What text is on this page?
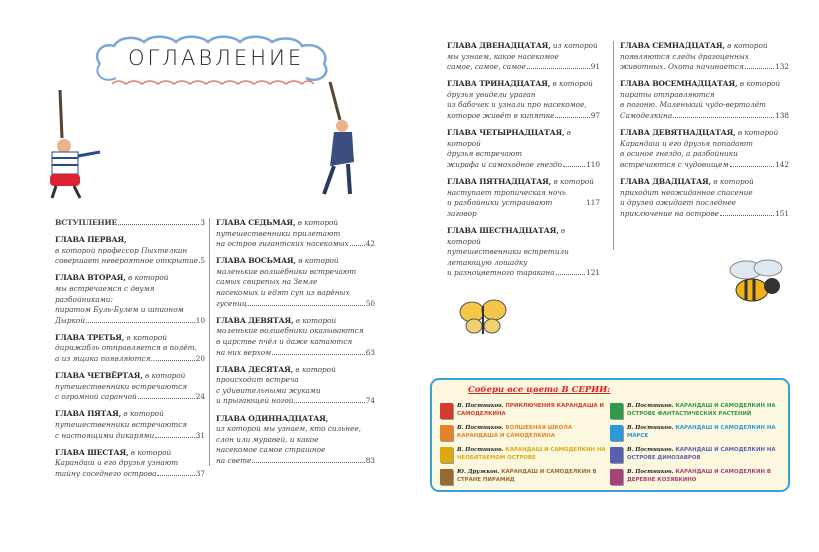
ОГЛАВЛЕНИЕ
ВСТУПЛЕНИЕ	3
ГЛАВА ПЕРВАЯ,
в которой профессор Пыхтелкин
совершает невероятное открытие 5
ГЛАВА ВТОРАЯ, в которой
мы встречаемся с двумя разбойниками:
пиратом Буль-Булем и шпионом
Дыркой	10
ГЛАВА ТРЕТЬЯ, в которой
дирижабль отправляется в полёт,
а из ящика появляются...	20
ГЛАВА ЧЕТВЁРТАЯ, в которой
путешественники встречаются
с огромной саранчой	24
ГЛАВА ПЯТАЯ, в которой
путешественники встречаются
с настоящими дикарями	31
ГЛАВА ШЕСТАЯ, в которой
Карандаш и его друзья узнают
тайну соседнего острова	37
ГЛАВА СЕДЬМАЯ, в которой
путешественники прилетают
на остров гигантских насекомых 42
ГЛАВА ВОСЬМАЯ, в которой
маленькие волшебники встречают
самых свирепых на Земле
насекомых и едят суп из варёных
гусениц	50
ГЛАВА ДЕВЯТАЯ, в которой
маленькие волшебники оказываются
в царстве пчёл и даже катаются
на них верхом	63
ГЛАВА ДЕСЯТАЯ, в которой
происходит встреча
с удивительными жуками
и прыгающей ногой	74
ГЛАВА ОДИННАДЦАТАЯ,
из которой мы узнаем, кто сильнее,
слон или муравей, и какое
насекомое самое страшное
на свете	83
ГЛАВА ДВЕНАДЦАТАЯ, из которой
мы узнаем, какое насекомое
самое, самое, самое	91
ГЛАВА ТРИНАДЦАТАЯ, в которой
друзья увидели ураган
из бабочек и узнали про насекомое,
которое живёт в кипятке	97
ГЛАВА ЧЕТЫРНАДЦАТАЯ, в которой
друзья встречают
жирафа и самоходное гнездо	110
ГЛАВА ПЯТНАДЦАТАЯ, в которой
наступает тропическая ночь
и разбойники устраивают заговор
117
ГЛАВА ШЕСТНАДЦАТАЯ, в которой
путешественники встретили
летающую лошадку
и разноцветного таракана	121
ГЛАВА СЕМНАДЦАТАЯ, в которой
появляются следы драгоценных
животных. Охота начинается	132
ГЛАВА ВОСЕМНАДЦАТАЯ, в которой
пираты отправляются
в погоню. Маленький чудо-вертолёт
Самоделкина	138
ГЛАВА ДЕВЯТНАДЦАТАЯ, в которой
Карандаш и его друзья попадают
в осиное гнездо, а разбойники
встречаются с чудовищем	142
ГЛАВА ДВАДЦАТАЯ, в которой
приходит неожиданное спасение
и друзей ожидает последнее
приключение на острове	151
Собери все цвета В СЕРИИ:
В. Постников. ПРИКЛЮЧЕНИЯ КАРАНДАША И САМОДЕЛКИНА
В. Постников. ВОЛШЕБНАЯ ШКОЛА КАРАНДАША И САМОДЕЛКИНА
В. Постников. КАРАНДАШ И САМОДЕЛКИН НА НЕОБИТАЕМОМ ОСТРОВЕ
Ю. Дружков. КАРАНДАШ И САМОДЕЛКИН В СТРАНЕ ПИРАМИД
В. Постников. КАРАНДАШ И САМОДЕЛКИН НА ОСТРОВЕ ФАНТАСТИЧЕСКИХ РАСТЕНИЙ
В. Постников. КАРАНДАШ И САМОДЕЛКИН НА МАРСЕ
В. Постников. КАРАНДАШ И САМОДЕЛКИН НА ОСТРОВЕ ДИНОЗАВРОВ
В. Постников. КАРАНДАШ И САМОДЕЛКИН В ДЕРЕВНЕ КОЗЯВКИНО
